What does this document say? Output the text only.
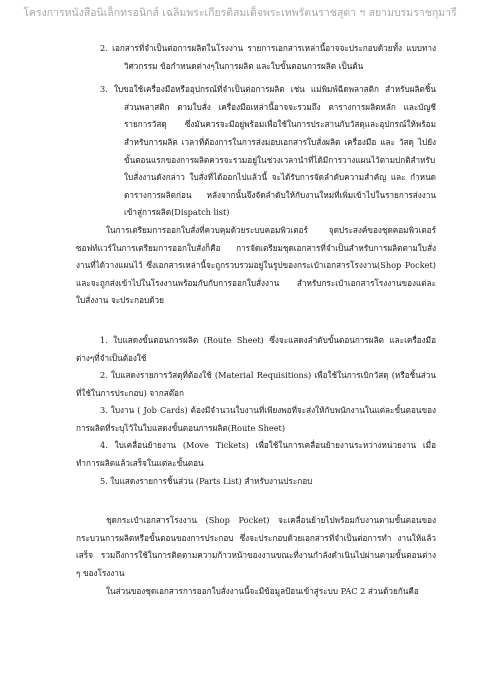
โครงการหนังสือนิเล็กทรอนิกส์ เฉลิมพระเกียรติสมเด็จพระเทพรัตนราชสุดา ฯ สยามบรมราชกุมารี

2. เอกสารที่จำเป็นต่อการผลิตในโรงงาน รายการเอกสารเหล่านี้อาจจะประกอบด้วยทั้ง แบบทางวิศวกรรม ข้อกำหนดต่างๆในการผลิต และใบขั้นตอนการผลิต เป็นต้น

3. ใบขอใช้เครื่องมือหรืออุปกรณ์ที่จำเป็นต่อการผลิต เช่น แม่พิมพ์ฉีดพลาสติก สำหรับผลิตชิ้นส่วนพลาสติก ตามใบสั่ง เครื่องมือเหล่านี้อาจจะรวมถึง ตารางการผลิตหลัก และบัญชีรายการวัสดุ ซึ่งมันควรจะมีอยู่พร้อมเพื่อใช้ในการประสานกับวัสดุและอุปกรณ์ให้พร้อมสำหรับการผลิต เวลาที่ต้องการในการส่งมอบเอกสารใบสั่งผลิต เครื่องมือ และ วัสดุ ไปยังขั้นตอนแรกของการผลิตควรจะรวมอยู่ในช่วงเวลานำที่ได้มีการวางแผนไว้ตามปกติสำหรับใบสั่งงานดังกล่าว ใบสั่งที่ได้ออกไปแล้วนี้ จะได้รับการจัดลำดับความสำคัญ และ กำหนดตารางการผลิตก่อน หลังจากนั้นจึงจัดลำดับให้กับงานใหม่ที่เพิ่มเข้าไปในรายการส่งงานเข้าสู่การผลิต(Dispatch list)

ในการเตรียมการออกใบสั่งที่ควบคุมด้วยระบบคอมพิวเตอร์ จุดประสงค์ของชุดคอมพิวเตอร์ซอฟท์แวร์ในการเตรียมการออกใบสั่งก็คือ การจัดเตรียมชุดเอกสารที่จำเป็นสำหรับการผลิตตามใบสั่งงานที่ได้วางแผนไว้ ซึ่งเอกสารเหล่านี้จะถูกรวบรวมอยู่ในรูปของกระเป๋าเอกสารโรงงาน(Shop Pocket) และจะถูกส่งเข้าไปในโรงงานพร้อมกับกับการออกใบสั่งงาน สำหรับกระเป๋าเอกสารโรงงานของแต่ละใบสั่งงาน จะประกอบด้วย

1. ใบแสดงขั้นตอนการผลิต (Route Sheet) ซึ่งจะแสดงลำดับขั้นตอนการผลิต และเครื่องมือต่างๆที่จำเป็นต้องใช้

2. ใบแสดงรายการวัสดุที่ต้องใช้ (Material Requisitions) เพื่อใช้ในการเบิกวัสดุ (หรือชิ้นส่วนที่ใช้ในการประกอบ) จากสต๊อก

3. ใบงาน ( Job Cards) ต้องมีจำนวนใบงานที่เพียงพอที่จะส่งให้กับพนักงานในแต่ละขั้นตอนของการผลิตที่ระบุไว้ในใบแสดงขั้นตอนการผลิต(Route Sheet)

4. ใบเคลื่อนย้ายงาน (Move Tickets) เพื่อใช้ในการเคลื่อนย้ายงานระหว่างหน่วยงาน เมื่อทำการผลิตแล้วเสร็จในแต่ละขั้นตอน

5. ใบแสดงรายการชิ้นส่วน (Parts List) สำหรับงานประกอบ

ชุดกระเป๋าเอกสารโรงงาน (Shop Pocket) จะเคลื่อนย้ายไปพร้อมกับงานตามขั้นตอนของกระบวนการผลิตหรือขั้นตอนของการประกอบ ซึ่งจะประกอบด้วยเอกสารที่จำเป็นต่อการทำ งานให้แล้วเสร็จ รวมถึงการใช้ในการติดตามความก้าวหน้าของงานขณะที่งานกำลังดำเนินไปผ่านตามขั้นตอนต่าง ๆ ของโรงงาน

ในส่วนของชุดเอกสารการออกใบสั่งงานนี้จะมีข้อมูลป้อนเข้าสู่ระบบ PAC 2 ส่วนด้วยกันคือ
